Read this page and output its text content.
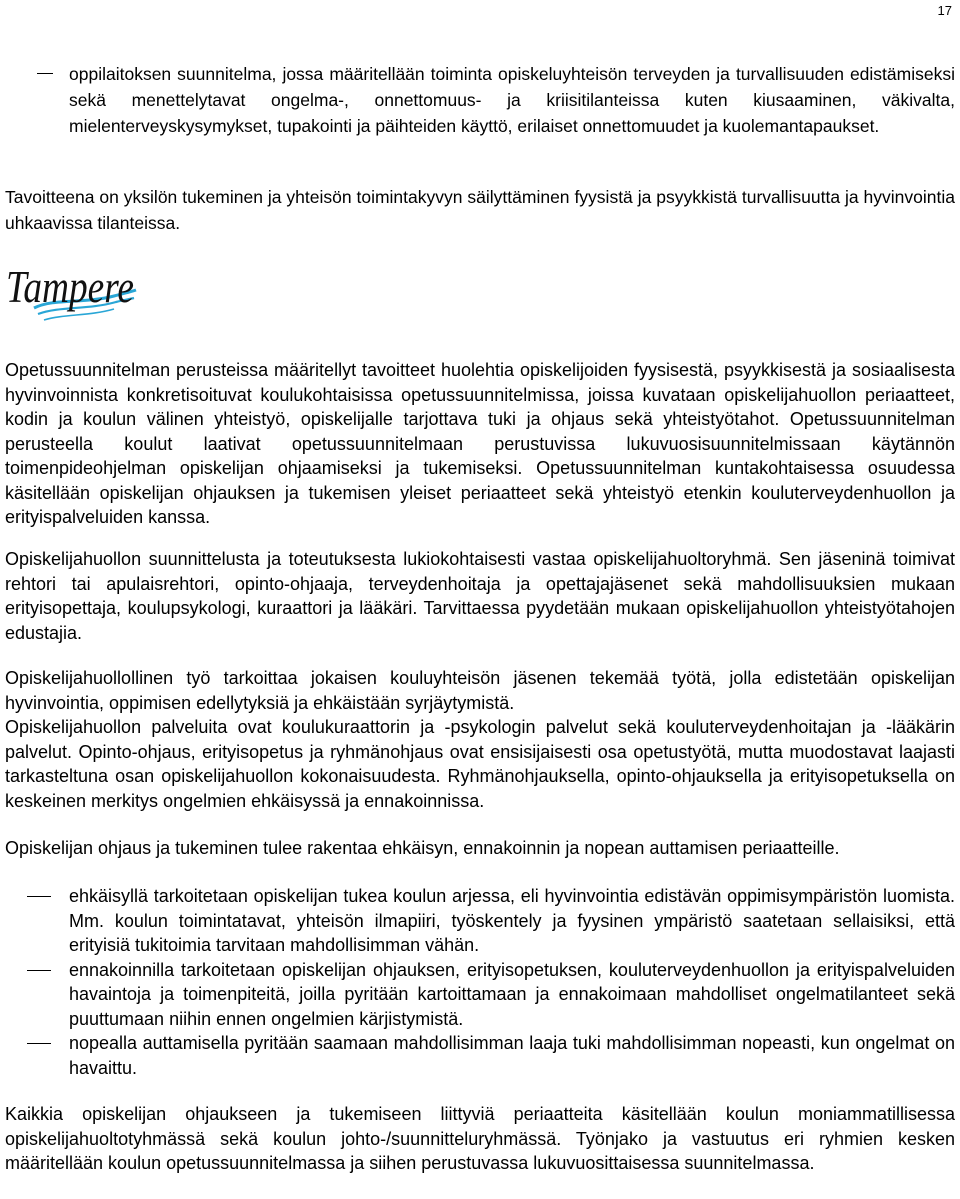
17
oppilaitoksen suunnitelma, jossa määritellään toiminta opiskeluyhteisön terveyden ja turvallisuuden edistämiseksi sekä menettelytavat ongelma-, onnettomuus- ja kriisitilanteissa kuten kiusaaminen, väkivalta, mielenterveyskysymykset, tupakointi ja päihteiden käyttö, erilaiset onnettomuudet ja kuolemantapaukset.

Tavoitteena on yksilön tukeminen ja yhteisön toimintakyvyn säilyttäminen fyysistä ja psyykkistä turvallisuutta ja hyvinvointia uhkaavissa tilanteissa.

Tampere

Opetussuunnitelman perusteissa määritellyt tavoitteet huolehtia opiskelijoiden fyysisestä, psyykkisestä ja sosiaalisesta hyvinvoinnista konkretisoituvat koulukohtaisissa opetussuunnitelmissa, joissa kuvataan opiskelijahuollon periaatteet, kodin ja koulun välinen yhteistyö, opiskelijalle tarjottava tuki ja ohjaus sekä yhteistyötahot. Opetussuunnitelman perusteella koulut laativat opetussuunnitelmaan perustuvissa lukuvuosisuunnitelmissaan käytännön toimenpideohjelman opiskelijan ohjaamiseksi ja tukemiseksi. Opetussuunnitelman kuntakohtaisessa osuudessa käsitellään opiskelijan ohjauksen ja tukemisen yleiset periaatteet sekä yhteistyö etenkin kouluterveydenhuollon ja erityispalveluiden kanssa.

Opiskelijahuollon suunnittelusta ja toteutuksesta lukiokohtaisesti vastaa opiskelijahuoltoryhmä. Sen jäseninä toimivat rehtori tai apulaisrehtori, opinto-ohjaaja, terveydenhoitaja ja opettajajäsenet sekä mahdollisuuksien mukaan erityisopettaja, koulupsykologi, kuraattori ja lääkäri. Tarvittaessa pyydetään mukaan opiskelijahuollon yhteistyötahojen edustajia.

Opiskelijahuollollinen työ tarkoittaa jokaisen kouluyhteisön jäsenen tekemää työtä, jolla edistetään opiskelijan hyvinvointia, oppimisen edellytyksiä ja ehkäistään syrjäytymistä.

Opiskelijahuollon palveluita ovat koulukuraattorin ja -psykologin palvelut sekä kouluterveydenhoitajan ja -lääkärin palvelut. Opinto-ohjaus, erityisopetus ja ryhmänohjaus ovat ensisijaisesti osa opetustyötä, mutta muodostavat laajasti tarkasteltuna osan opiskelijahuollon kokonaisuudesta. Ryhmänohjauksella, opinto-ohjauksella ja erityisopetuksella on keskeinen merkitys ongelmien ehkäisyssä ja ennakoinnissa.

Opiskelijan ohjaus ja tukeminen tulee rakentaa ehkäisyn, ennakoinnin ja nopean auttamisen periaatteille.

ehkäisyllä tarkoitetaan opiskelijan tukea koulun arjessa, eli hyvinvointia edistävän oppimisympäristön luomista. Mm. koulun toimintatavat, yhteisön ilmapiiri, työskentely ja fyysinen ympäristö saatetaan sellaisiksi, että erityisiä tukitoimia tarvitaan mahdollisimman vähän.
ennakoinnilla tarkoitetaan opiskelijan ohjauksen, erityisopetuksen, kouluterveydenhuollon ja erityispalveluiden havaintoja ja toimenpiteitä, joilla pyritään kartoittamaan ja ennakoimaan mahdolliset ongelmatilanteet sekä puuttumaan niihin ennen ongelmien kärjistymistä.
nopealla auttamisella pyritään saamaan mahdollisimman laaja tuki mahdollisimman nopeasti, kun ongelmat on havaittu.

Kaikkia opiskelijan ohjaukseen ja tukemiseen liittyviä periaatteita käsitellään koulun moniammatillisessa opiskelijahuoltotyhmässä sekä koulun johto-/suunnitteluryhmässä. Työnjako ja vastuutus eri ryhmien kesken määritellään koulun opetussuunnitelmassa ja siihen perustuvassa lukuvuosittaisessa suunnitelmassa.
